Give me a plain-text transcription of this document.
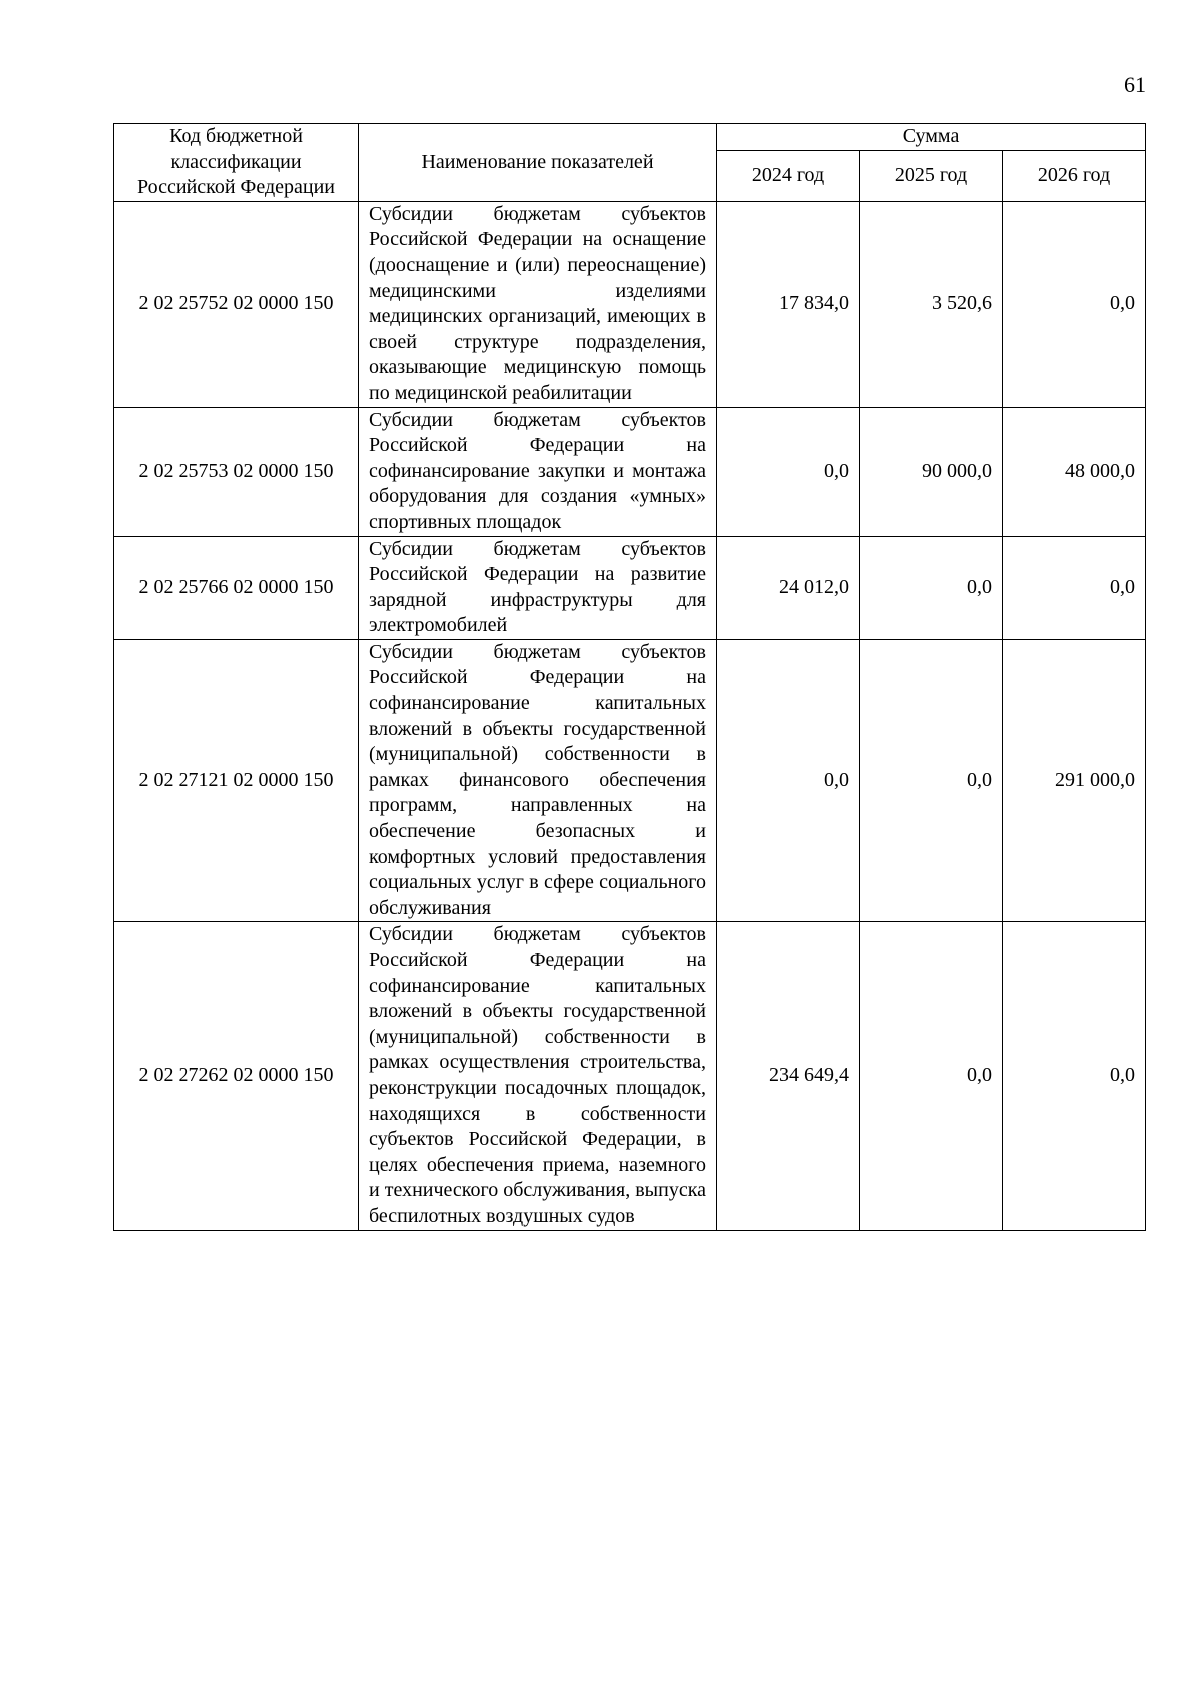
61
Код бюджетной классификации Российской Федерации	Наименование показателей	Сумма		
		2024 год	2025 год	2026 год
2 02 25752 02 0000 150	Субсидии бюджетам субъектов Российской Федерации на оснащение (дооснащение и (или) переоснащение) медицинскими изделиями медицинских организаций, имеющих в своей структуре подразделения, оказывающие медицинскую помощь по медицинской реабилитации	17 834,0	3 520,6	0,0
2 02 25753 02 0000 150	Субсидии бюджетам субъектов Российской Федерации на софинансирование закупки и монтажа оборудования для создания «умных» спортивных площадок	0,0	90 000,0	48 000,0
2 02 25766 02 0000 150	Субсидии бюджетам субъектов Российской Федерации на развитие зарядной инфраструктуры для электромобилей	24 012,0	0,0	0,0
2 02 27121 02 0000 150	Субсидии бюджетам субъектов Российской Федерации на софинансирование капитальных вложений в объекты государственной (муниципальной) собственности в рамках финансового обеспечения программ, направленных на обеспечение безопасных и комфортных условий предоставления социальных услуг в сфере социального обслуживания	0,0	0,0	291 000,0
2 02 27262 02 0000 150	Субсидии бюджетам субъектов Российской Федерации на софинансирование капитальных вложений в объекты государственной (муниципальной) собственности в рамках осуществления строительства, реконструкции посадочных площадок, находящихся в собственности субъектов Российской Федерации, в целях обеспечения приема, наземного и технического обслуживания, выпуска беспилотных воздушных судов	234 649,4	0,0	0,0
